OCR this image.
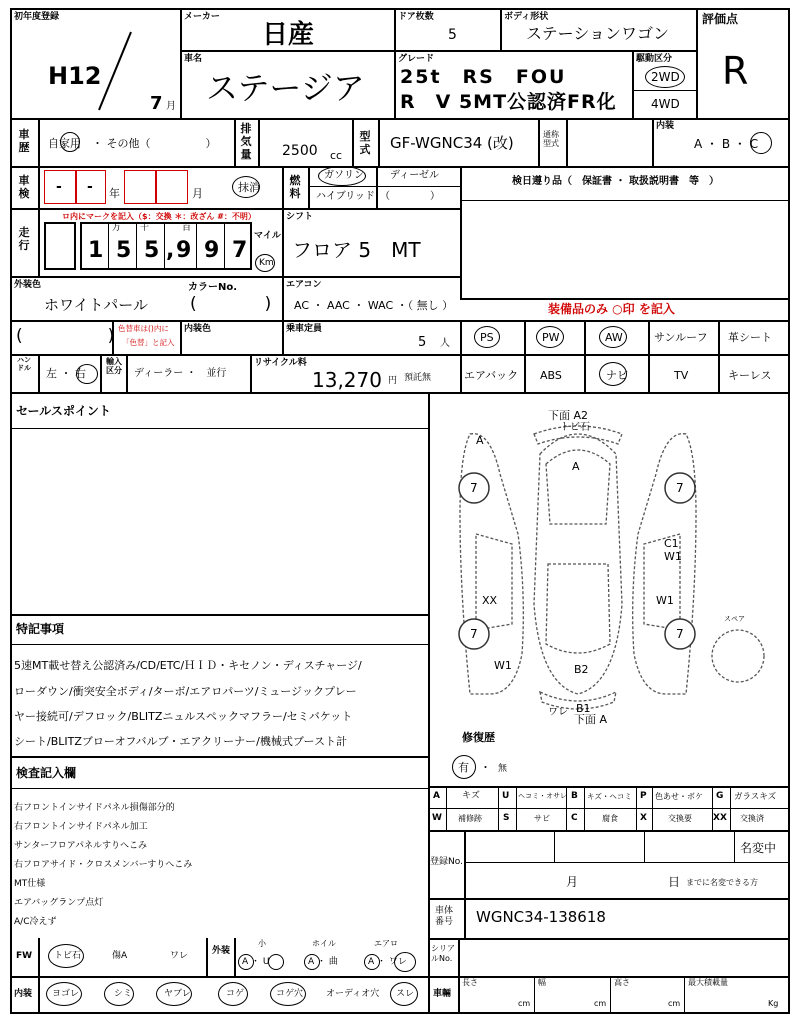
初年度登録
H12
7 月
メーカー
日産
ドア枚数
5
ボディ形状
ステーションワゴン
評価点
R
車名
ステージア
グレード
25t　RS　FOU
R　V 5MT公認済FR化
駆動区分
2WD
4WD
車歴 自家用　・ その他（　　　　　）
排気量 2500 cc
型式 GF-WGNC34 (改)	通称型式
内装
A ・ B ・ C
車検 - - 年	月	抹消
燃料
ガソリン	ディーゼル
ハイブリッド （　　　　）
検日遵り品（　保証書 ・ 取扱説明書　等　）
走行
ロ内にマークを記入（$：交換 ＊：改ざん #：不明）
万 千	百
1 5 5 , 9 9 7
マイル
Km
シフト
フロア 5　MT
外装色
ホワイトパール
カラーNo.
(　　　　)
エアコン
AC ・ AAC ・ WAC ・（ 無し ）	装備品のみ ○印 を記入
(　　　　　) 色替車は()内に
「色替」と記入
内装色	乗車定員
5 人	PS	PW	AW	サンルーフ 革シート
ハンドル 左 ・ 右
輸入区分 ディーラー ・　並行
リサイクル料
13,270 円 預託無	エアバック ABS	ナビ	TV	キーレス
セールスポイント
特記事項
5速MT載せ替え公認済み/CD/ETC/ＨＩＤ・キセノン・ディスチャージ/
ローダウン/衝突安全ボディ/ターボ/エアロパーツ/ミュージックプレー
ヤー接続可/デフロック/BLITZニュルスペックマフラー/セミバケット
シート/BLITZブローオフバルブ・エアクリーナー/機械式ブースト計
検査記入欄
右フロントインサイドパネル損傷部分的
右フロントインサイドパネル加工
サンターフロアパネルすりへこみ
右フロアサイド・クロスメンバーすりへこみ
MT仕様
エアバッグランプ点灯
A/C冷えず
下面 A2
トビ石
A
A
7	7
C1
W1
XX	W1
7	7
スペア
W1	B2
B1
下面 A
ワレ
修復歴
有 ・ 無
A キズ U ヘコミ・オサレ B キズ・ヘコミ P 色あせ・ボケ G ガラスキズ
W 補修跡 S	サビ C	腐食 X	交換要 XX 交換済
登録No.
名変中
月	日 までに名変できる方
車体番号 WGNC34-138618
FW トビ石	傷A	ワレ	外装
小	ホイル	エアロ
A ・ U	A ・ 曲	A ・ ワレ
シリアルNo.
内装 ヨゴレ	シミ	ヤブレ	コゲ	コゲ穴	オーディオ穴 スレ 車輛
長さ
cm
幅
cm
高さ
cm
最大積載量
Kg
